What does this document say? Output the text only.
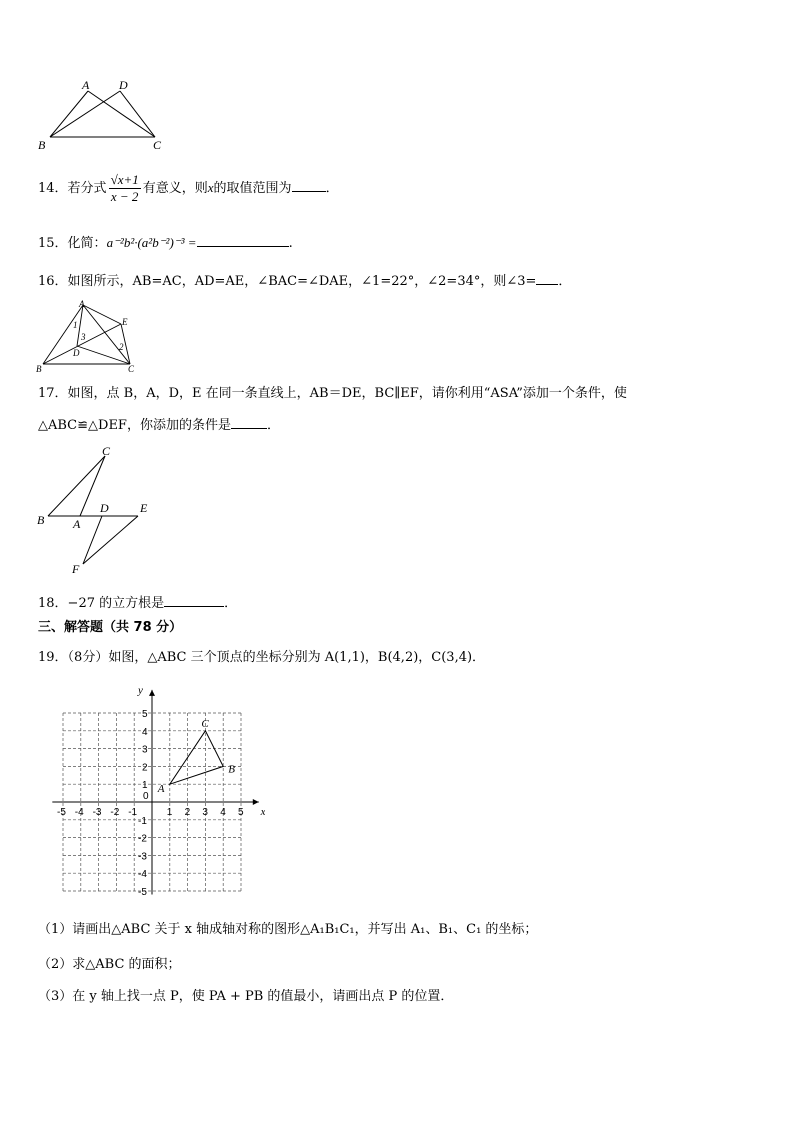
A D
B	C
14．若分式 $\frac{√x+1}{x - 2}$ 有意义，则x的取值范围为	．
15．化简：a⁻²b²·(a²b⁻²)⁻³ =	.
16．如图所示，AB=AC，AD=AE，∠BAC=∠DAE，∠1=22°，∠2=34°，则∠3= ．
A
E
1
3
2
D
B	C
17．如图，点 B，A，D，E 在同一条直线上，AB＝DE，BC∥EF，请你利用“ASA”添加一个条件，使
△ABC≌△DEF，你添加的条件是	．
C
B A
D	E
F
18．−27 的立方根是	．
三、解答题（共 78 分）
19．（8分）如图，△ABC 三个顶点的坐标分别为 A(1,1)，B(4,2)，C(3,4)．
x
y
0
-5 -4 -3 -2 -1	1 2 3 4 5
5
4
3
2
1
-1
-2
-3
-4
-5
A
B
C
（1）请画出△ABC 关于 x 轴成轴对称的图形△A₁B₁C₁，并写出 A₁、B₁、C₁ 的坐标；
（2）求△ABC 的面积；
（3）在 y 轴上找一点 P，使 PA + PB 的值最小，请画出点 P 的位置．
